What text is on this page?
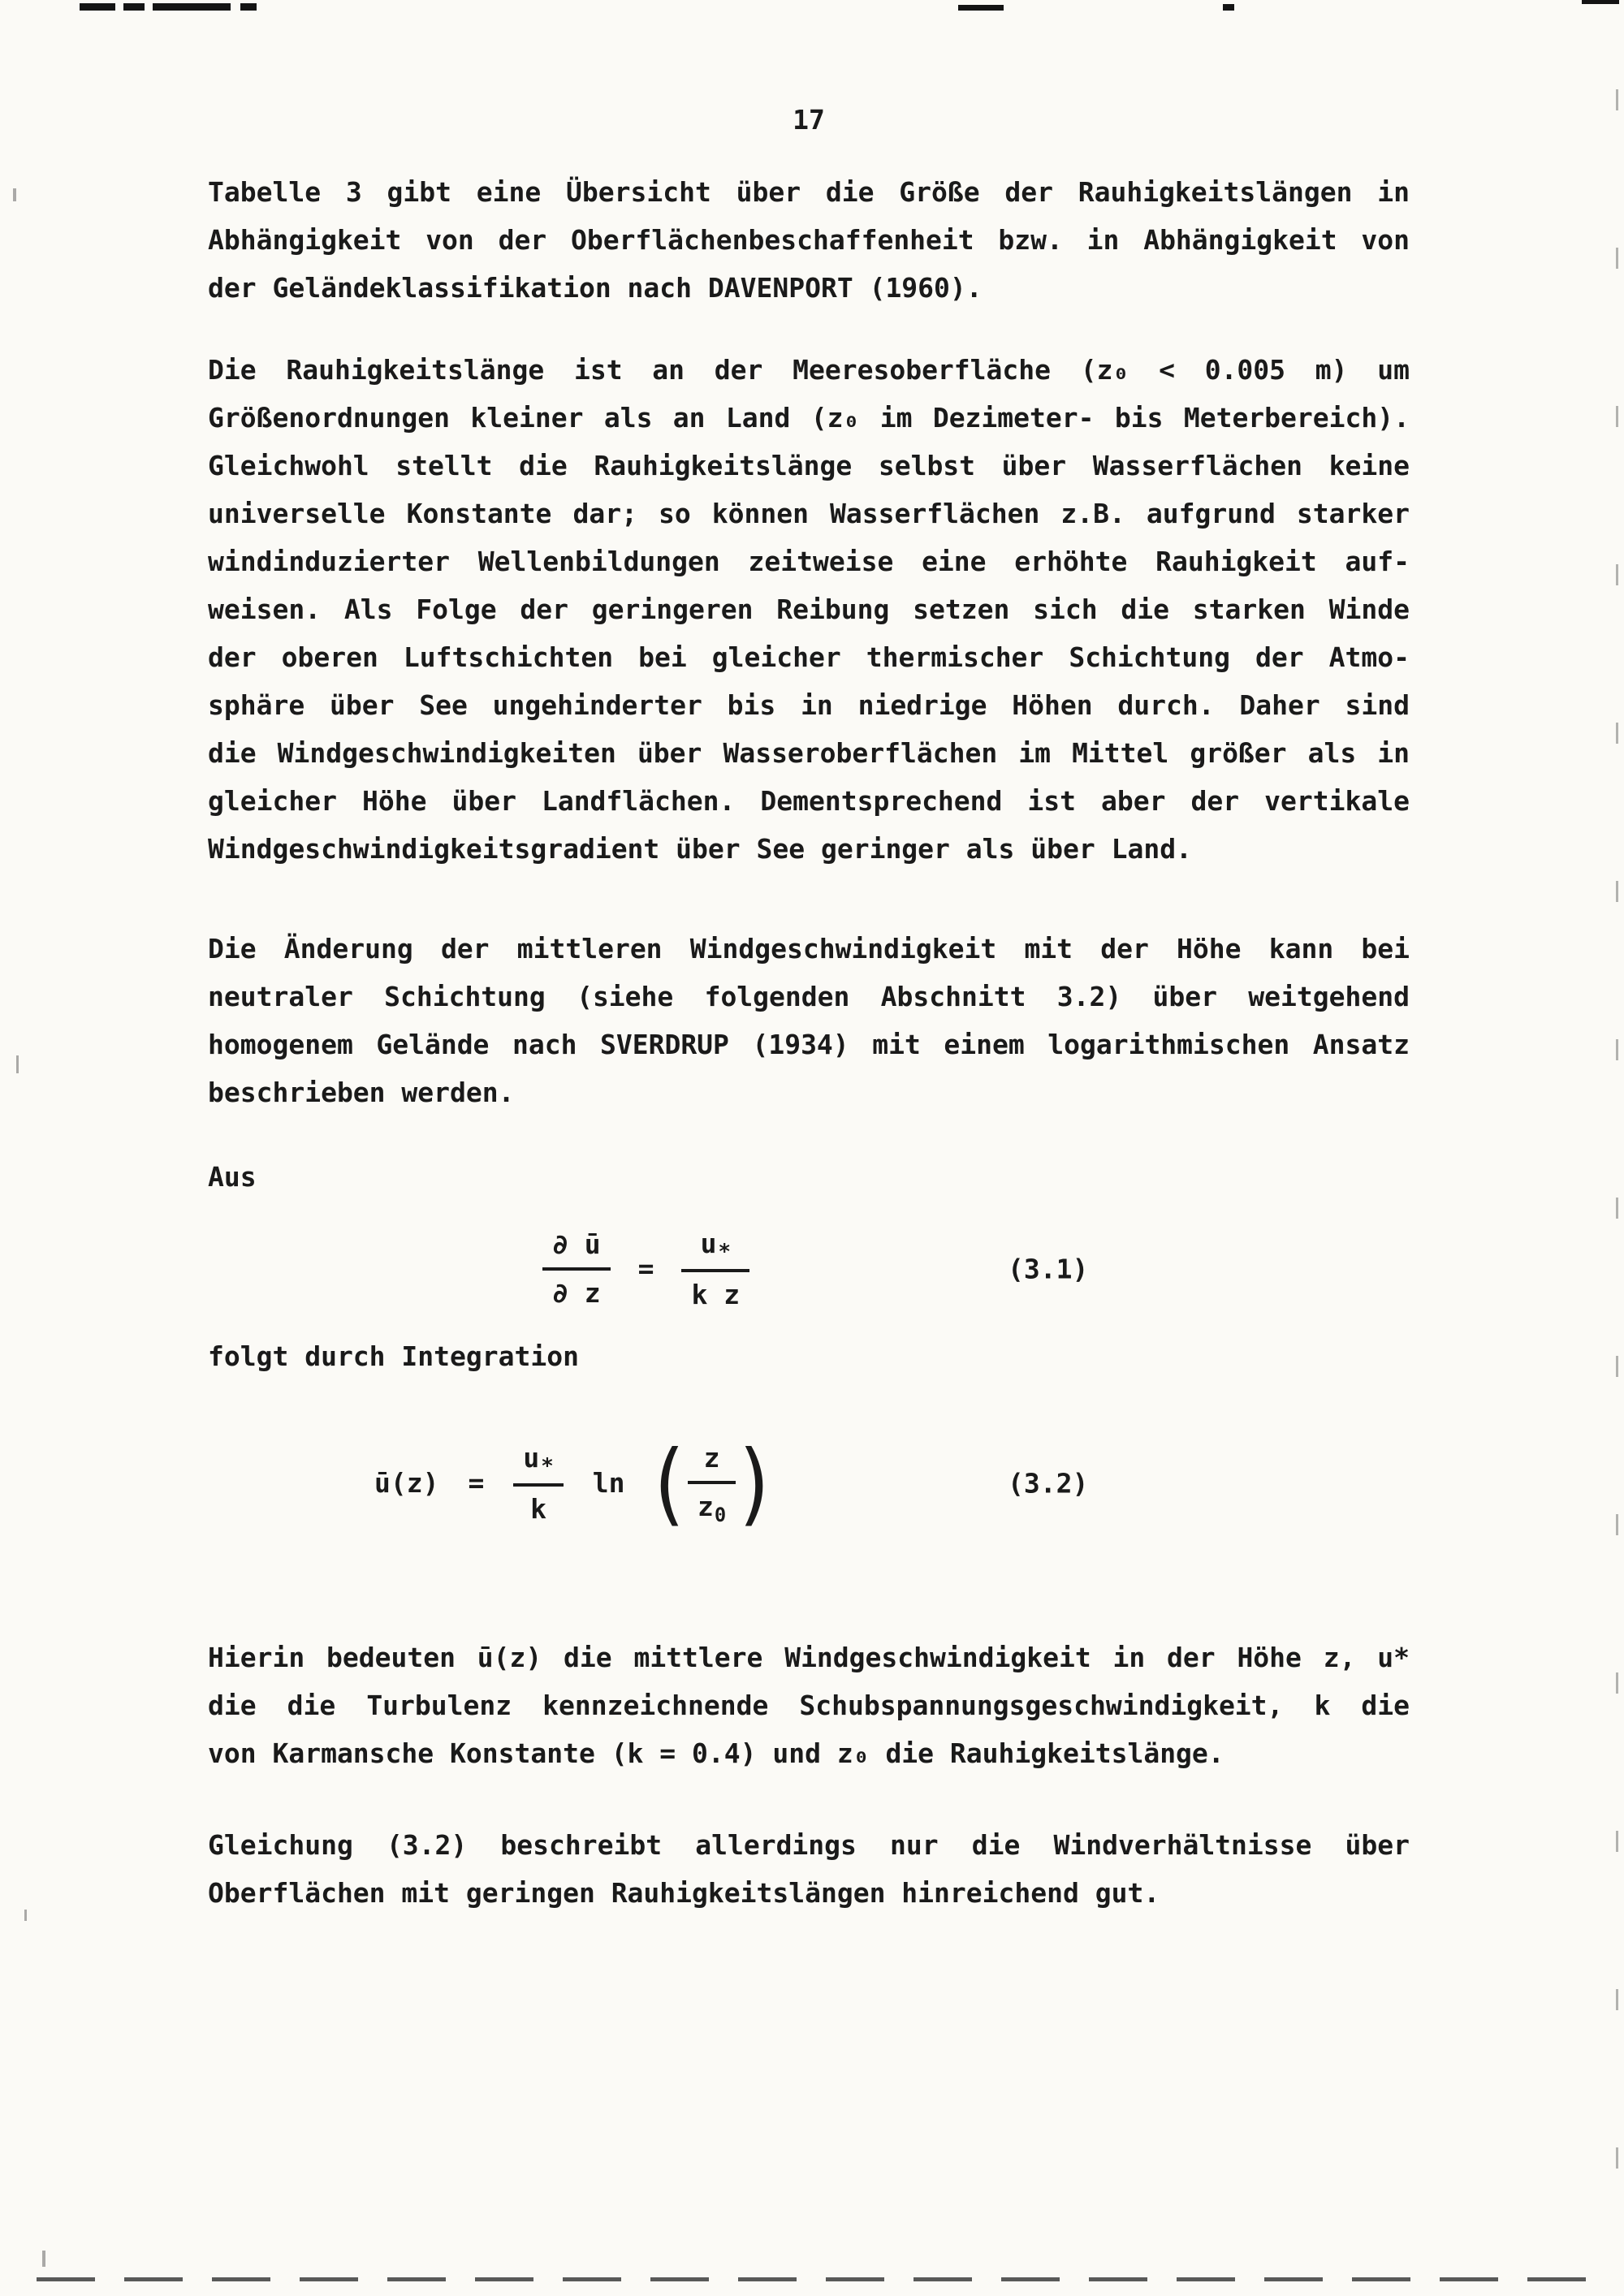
17
Tabelle 3 gibt eine Übersicht über die Größe der Rauhigkeitslängen in
Abhängigkeit von der Oberflächenbeschaffenheit bzw. in Abhängigkeit von
der Geländeklassifikation nach DAVENPORT (1960).
Die Rauhigkeitslänge ist an der Meeresoberfläche (z₀ < 0.005 m) um
Größenordnungen kleiner als an Land (z₀ im Dezimeter- bis Meterbereich).
Gleichwohl stellt die Rauhigkeitslänge selbst über Wasserflächen keine
universelle Konstante dar; so können Wasserflächen z.B. aufgrund starker
windinduzierter Wellenbildungen zeitweise eine erhöhte Rauhigkeit auf-
weisen. Als Folge der geringeren Reibung setzen sich die starken Winde
der oberen Luftschichten bei gleicher thermischer Schichtung der Atmo-
sphäre über See ungehinderter bis in niedrige Höhen durch. Daher sind
die Windgeschwindigkeiten über Wasseroberflächen im Mittel größer als in
gleicher Höhe über Landflächen. Dementsprechend ist aber der vertikale
Windgeschwindigkeitsgradient über See geringer als über Land.
Die Änderung der mittleren Windgeschwindigkeit mit der Höhe kann bei
neutraler Schichtung (siehe folgenden Abschnitt 3.2) über weitgehend
homogenem Gelände nach SVERDRUP (1934) mit einem logarithmischen Ansatz
beschrieben werden.
Aus
$\frac{\partial ū}{\partial z} = \frac{u_*}{\text{k z}}$	(3.1)
folgt durch Integration
ū(z) = $\frac{u_*}{k}$ ln ( $\frac{z}{z_0}$ )	(3.2)
Hierin bedeuten ū(z) die mittlere Windgeschwindigkeit in der Höhe z, u*
die die Turbulenz kennzeichnende Schubspannungsgeschwindigkeit, k die
von Karmansche Konstante (k = 0.4) und z₀ die Rauhigkeitslänge.
Gleichung (3.2) beschreibt allerdings nur die Windverhältnisse über
Oberflächen mit geringen Rauhigkeitslängen hinreichend gut.
